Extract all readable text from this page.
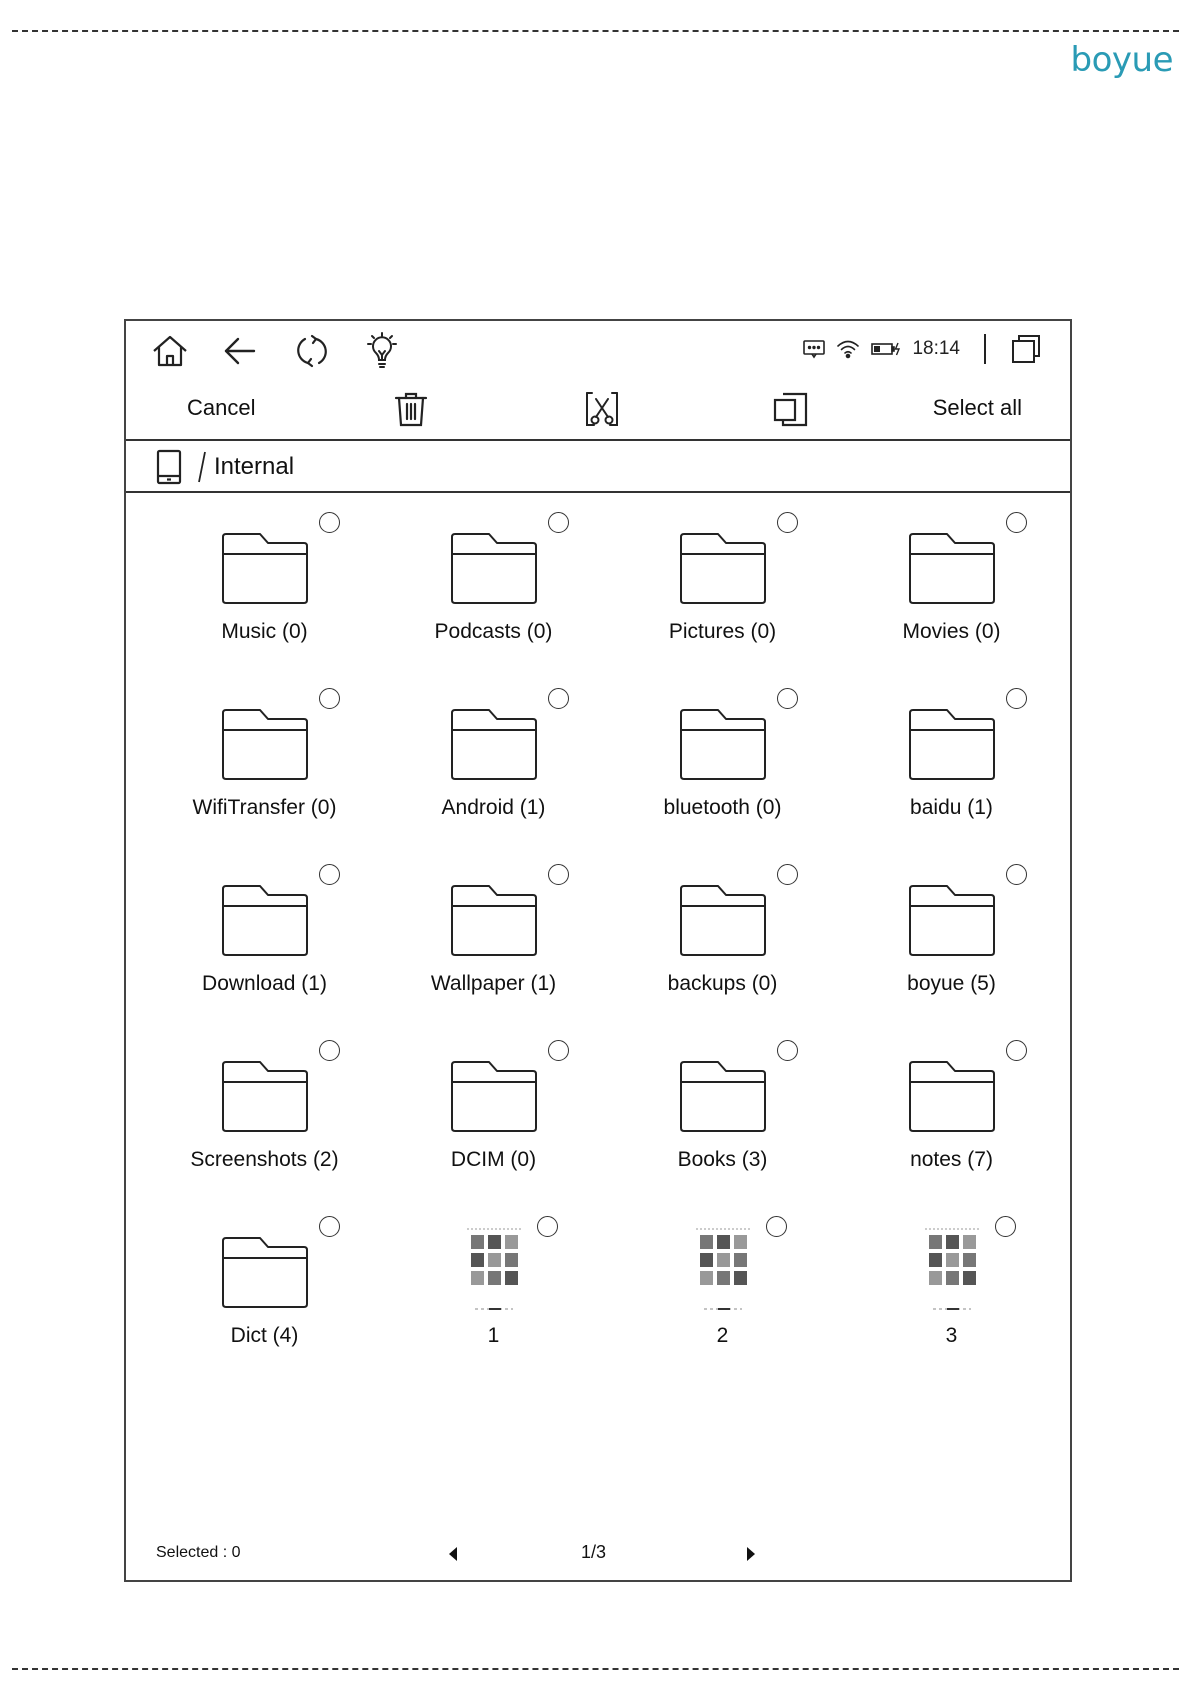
boyue
18:14
Cancel	Select all
Internal
Music (0)	Podcasts (0)	Pictures (0)	Movies (0)
WifiTransfer (0)	Android (1)	bluetooth (0)	baidu (1)
Download (1)	Wallpaper (1)	backups (0)	boyue (5)
Screenshots (2)	DCIM (0)	Books (3)	notes (7)
Dict (4)	1	2	3
Selected : 0	1/3
